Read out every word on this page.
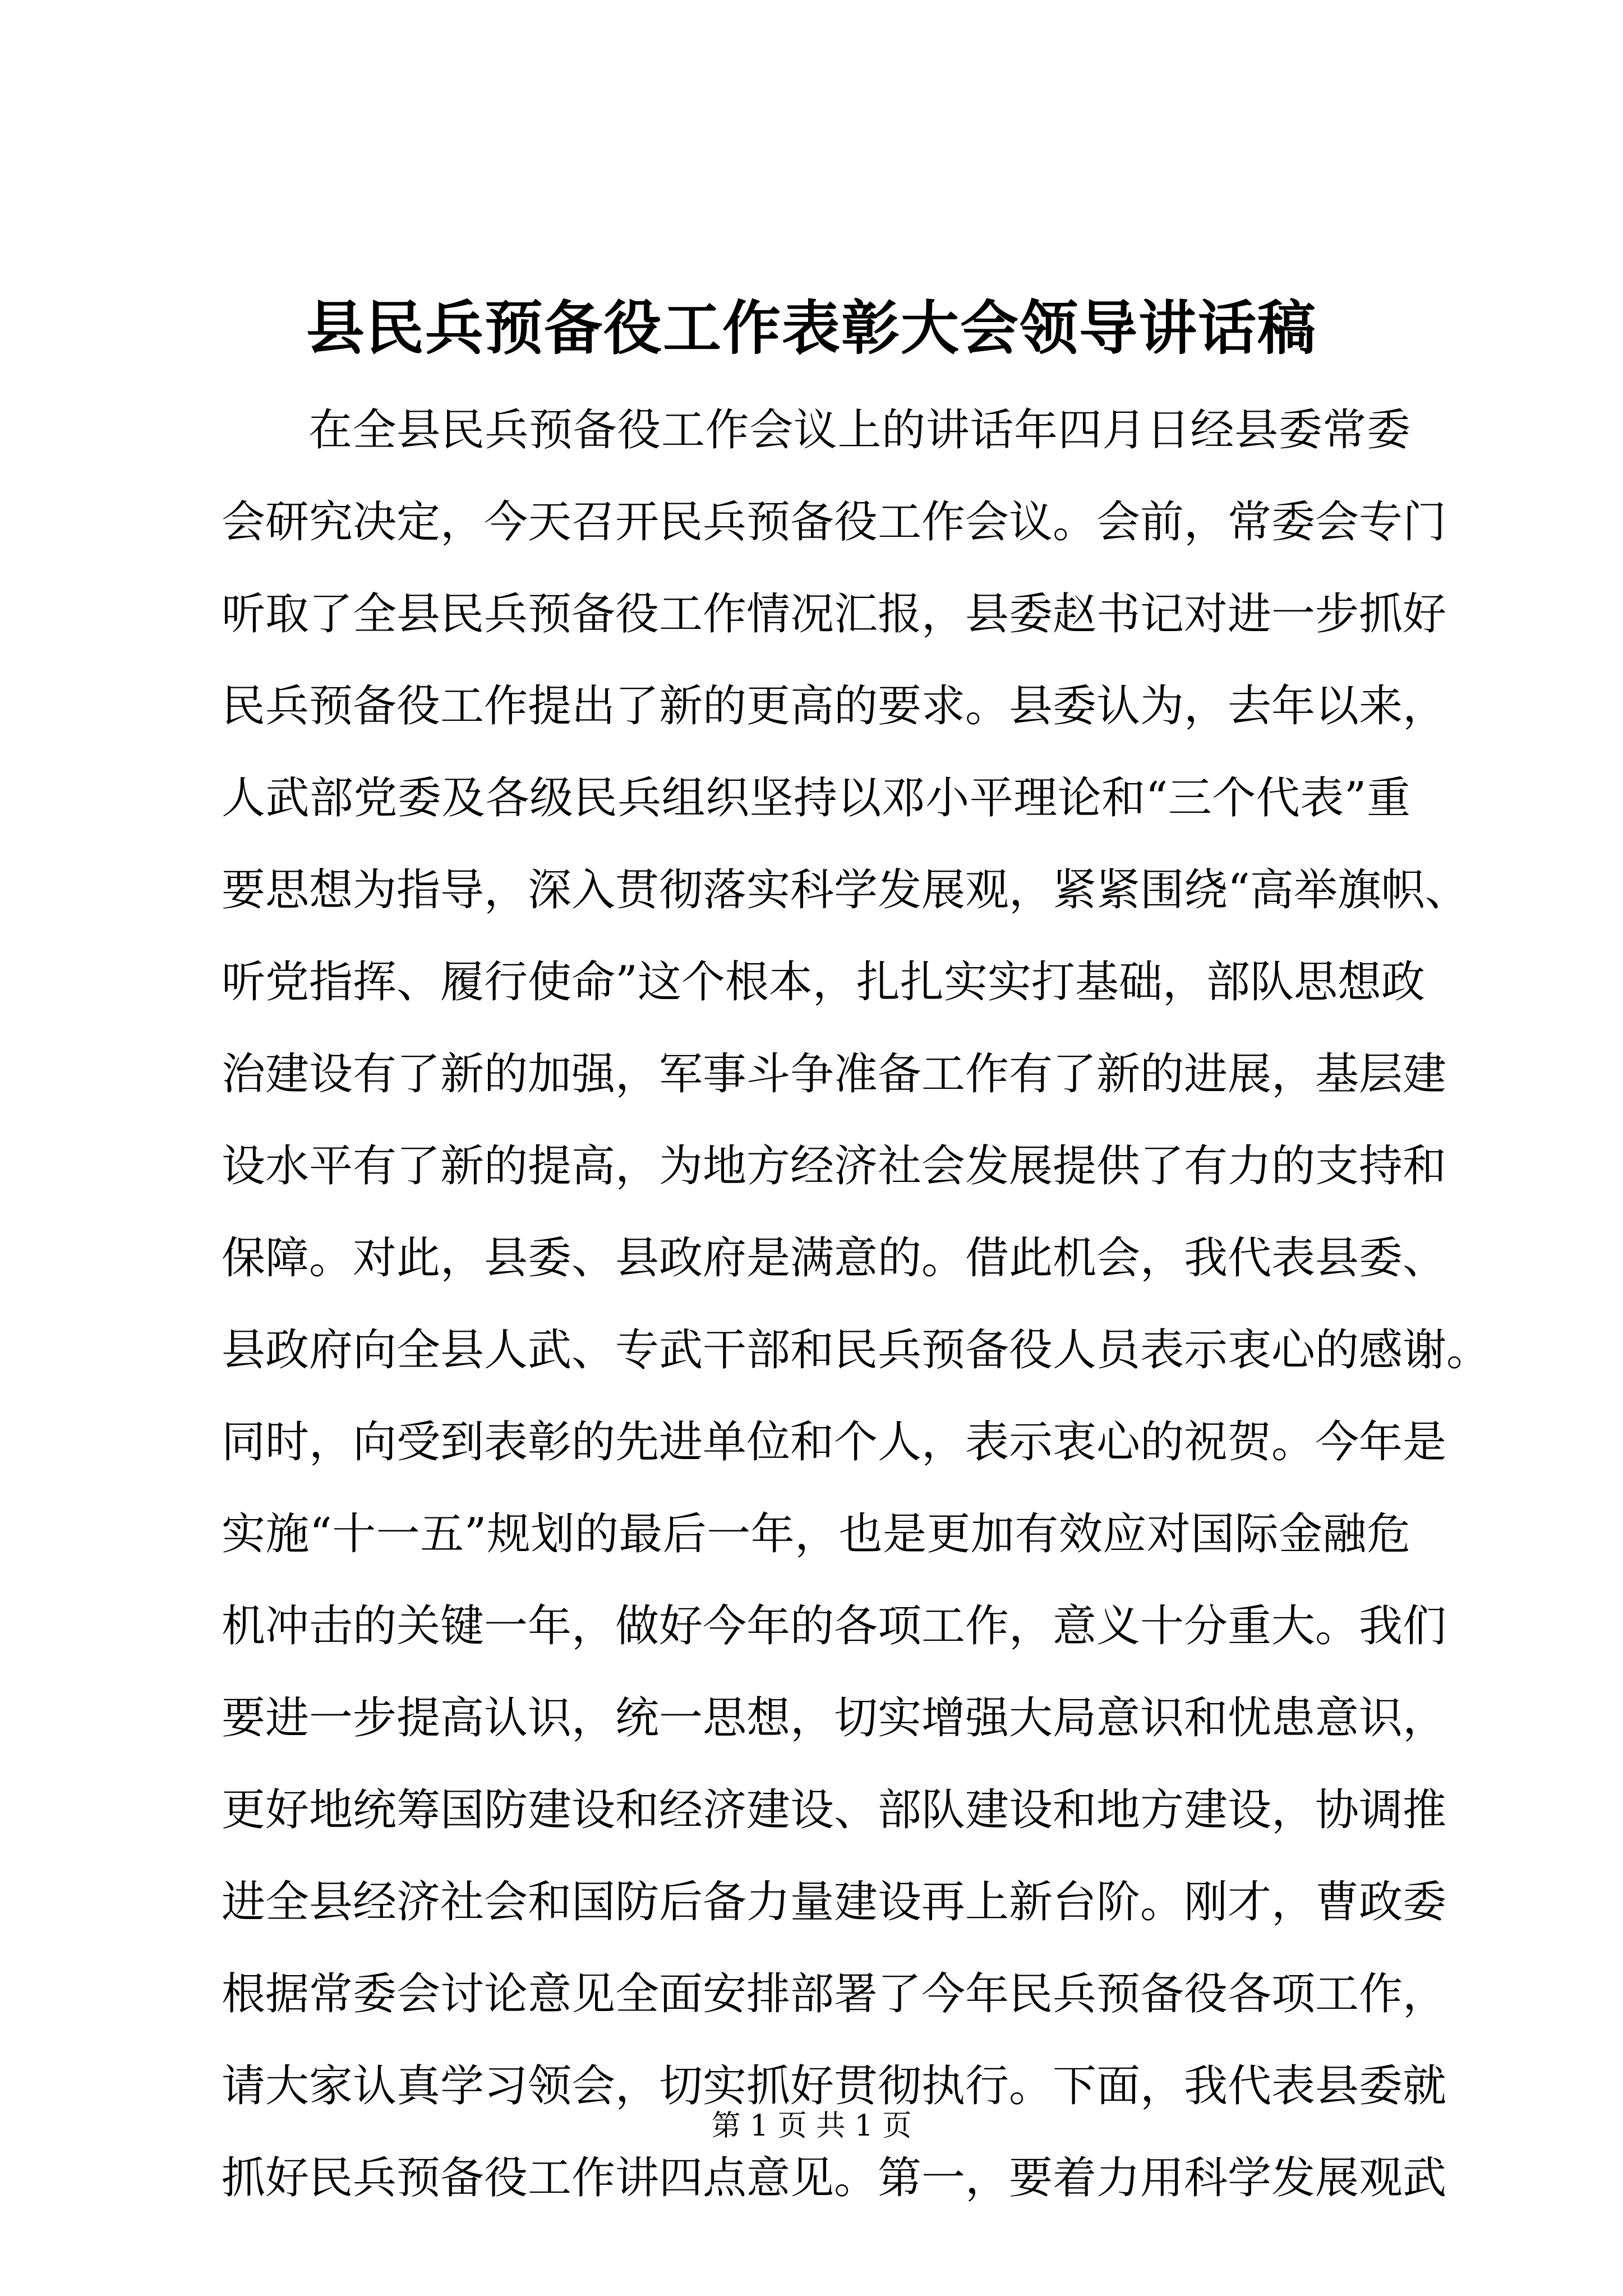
县民兵预备役工作表彰大会领导讲话稿
在全县民兵预备役工作会议上的讲话年四月日经县委常委
会研究决定，今天召开民兵预备役工作会议。会前，常委会专门
听取了全县民兵预备役工作情况汇报，县委赵书记对进一步抓好
民兵预备役工作提出了新的更高的要求。县委认为，去年以来，
人武部党委及各级民兵组织坚持以邓小平理论和“三个代表”重
要思想为指导，深入贯彻落实科学发展观，紧紧围绕“高举旗帜、
听党指挥、履行使命”这个根本，扎扎实实打基础，部队思想政
治建设有了新的加强，军事斗争准备工作有了新的进展，基层建
设水平有了新的提高，为地方经济社会发展提供了有力的支持和
保障。对此，县委、县政府是满意的。借此机会，我代表县委、
县政府向全县人武、专武干部和民兵预备役人员表示衷心的感谢。
同时，向受到表彰的先进单位和个人，表示衷心的祝贺。今年是
实施“十一五”规划的最后一年，也是更加有效应对国际金融危
机冲击的关键一年，做好今年的各项工作，意义十分重大。我们
要进一步提高认识，统一思想，切实增强大局意识和忧患意识，
更好地统筹国防建设和经济建设、部队建设和地方建设，协调推
进全县经济社会和国防后备力量建设再上新台阶。刚才，曹政委
根据常委会讨论意见全面安排部署了今年民兵预备役各项工作，
请大家认真学习领会，切实抓好贯彻执行。下面，我代表县委就
抓好民兵预备役工作讲四点意见。第一，要着力用科学发展观武
第 1 页 共 1 页
